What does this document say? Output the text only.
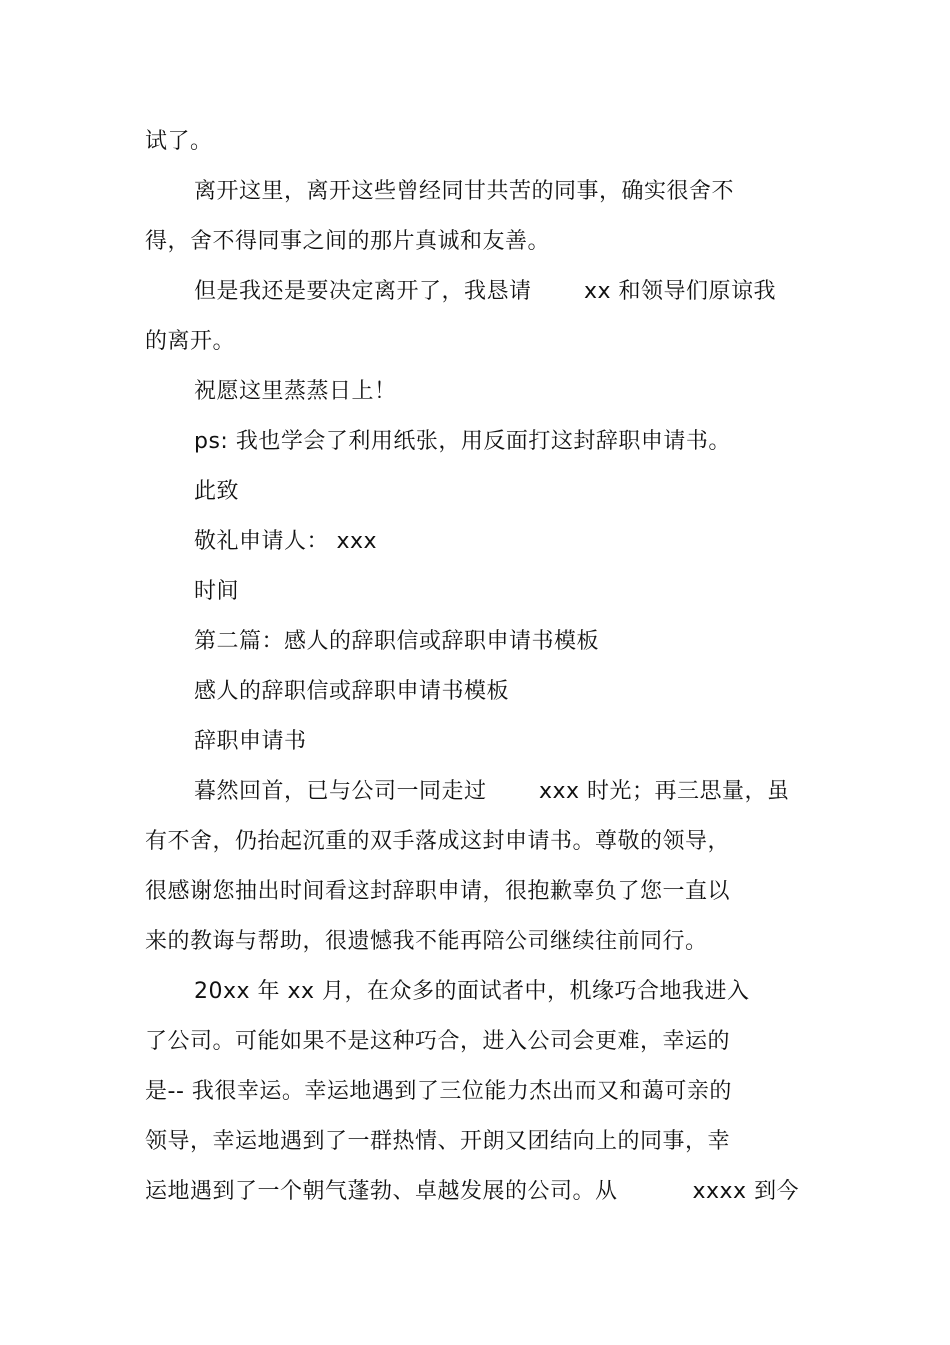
试了。
离开这里，离开这些曾经同甘共苦的同事，确实很舍不
得，舍不得同事之间的那片真诚和友善。
但是我还是要决定离开了，我恳请　　 xx 和领导们原谅我
的离开。
祝愿这里蒸蒸日上！
ps: 我也学会了利用纸张，用反面打这封辞职申请书。
此致
敬礼申请人： xxx
时间
第二篇：感人的辞职信或辞职申请书模板
感人的辞职信或辞职申请书模板
辞职申请书
暮然回首，已与公司一同走过　　 xxx 时光；再三思量，虽
有不舍，仍抬起沉重的双手落成这封申请书。尊敬的领导，
很感谢您抽出时间看这封辞职申请，很抱歉辜负了您一直以
来的教诲与帮助，很遗憾我不能再陪公司继续往前同行。
20xx 年 xx 月，在众多的面试者中，机缘巧合地我进入
了公司。可能如果不是这种巧合，进入公司会更难，幸运的
是-- 我很幸运。幸运地遇到了三位能力杰出而又和蔼可亲的
领导，幸运地遇到了一群热情、开朗又团结向上的同事，幸
运地遇到了一个朝气蓬勃、卓越发展的公司。从　　　 xxxx 到今
